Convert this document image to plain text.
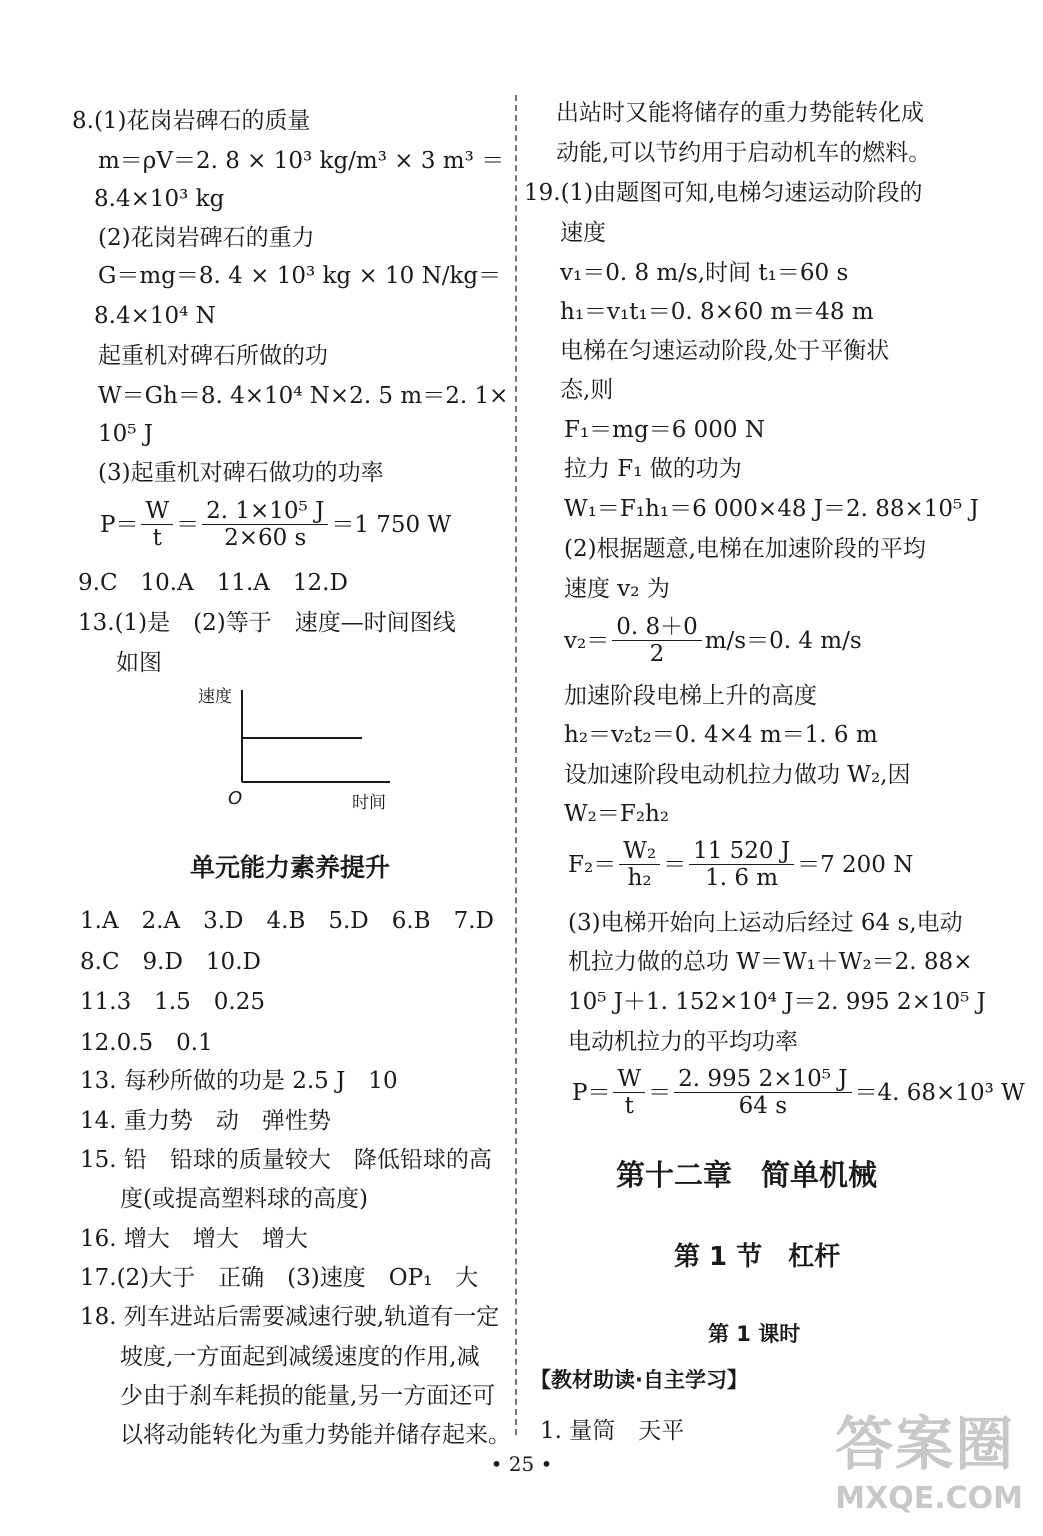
8.(1)花岗岩碑石的质量
m＝ρV＝2. 8 × 10³ kg/m³ × 3 m³ ＝
8.4×10³ kg
(2)花岗岩碑石的重力
G＝mg＝8. 4 × 10³ kg × 10 N/kg＝
8.4×10⁴ N
起重机对碑石所做的功
W＝Gh＝8. 4×10⁴ N×2. 5 m＝2. 1×
10⁵ J
(3)起重机对碑石做功的功率
$P= \frac{W}{t} = \frac{\text{2. 1×10⁵ J}}{2\times 60 s} =1$ 750 W
9.C　10.A　11.A　12.D
13.(1)是　(2)等于　速度—时间图线
如图
速度
O	时间
单元能力素养提升
1.A　2.A　3.D　4.B　5.D　6.B　7.D
8.C　9.D　10.D
11.3　1.5　0.25
12.0.5　0.1
13. 每秒所做的功是 2.5 J　10
14. 重力势　动　弹性势
15. 铅　铅球的质量较大　降低铅球的高
度(或提高塑料球的高度)
16. 增大　增大　增大
17.(2)大于　正确　(3)速度　OP₁　大
18. 列车进站后需要减速行驶,轨道有一定
坡度,一方面起到减缓速度的作用,减
少由于刹车耗损的能量,另一方面还可
以将动能转化为重力势能并储存起来。
出站时又能将储存的重力势能转化成
动能,可以节约用于启动机车的燃料。
19.(1)由题图可知,电梯匀速运动阶段的
速度
v₁＝0. 8 m/s,时间 t₁＝60 s
h₁＝v₁t₁＝0. 8×60 m＝48 m
电梯在匀速运动阶段,处于平衡状
态,则
F₁＝mg＝6 000 N
拉力 F₁ 做的功为
W₁＝F₁h₁＝6 000×48 J＝2. 88×10⁵ J
(2)根据题意,电梯在加速阶段的平均
速度 v₂ 为
$v_2= \frac{0. 8+0}{2} m/s=0$. 4 m/s
加速阶段电梯上升的高度
h₂＝v₂t₂＝0. 4×4 m＝1. 6 m
设加速阶段电动机拉力做功 W₂,因
W₂＝F₂h₂
$F_2= \frac{\text{W₂}}{\text{h₂}} = \frac{11 520 J}{1. 6 m} =7$ 200 N
(3)电梯开始向上运动后经过 64 s,电动
机拉力做的总功 W＝W₁＋W₂＝2. 88×
10⁵ J＋1. 152×10⁴ J＝2. 995 2×10⁵ J
电动机拉力的平均功率
$P= \frac{W}{t} = \frac{\text{2. 995 2×10⁵ J}}{64 s} =4$. 68×10³ W
第十二章　简单机械
第 1 节　杠杆
第 1 课时
【教材助读·自主学习】
1. 量筒　天平
• 25 •	答案圈
MXQE.COM
